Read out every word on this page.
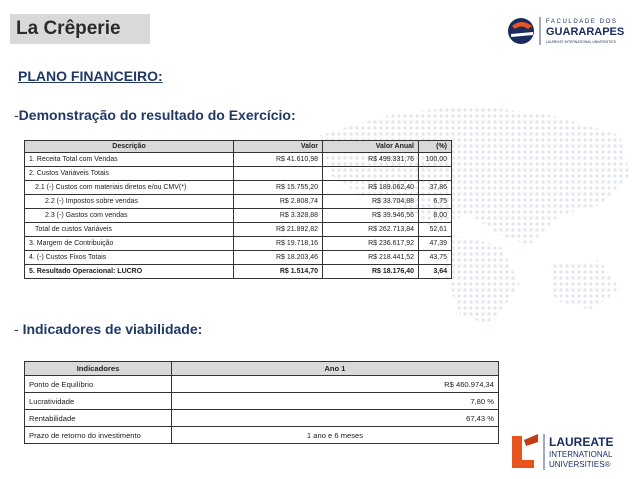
La Crêperie	FACULDADE DOS
GUARARAPES
LAUREATE INTERNATIONAL UNIVERSITIES
PLANO FINANCEIRO:
-Demonstração do resultado do Exercício:
Descrição	Valor	Valor Anual	(%)
1. Receita Total com Vendas	R$ 41.610,98	R$ 499.331,76	100,00
2. Custos Variáveis Totais			
2.1 (-) Custos com materiais diretos e/ou CMV(*)	R$ 15.755,20	R$ 189.062,40	37,86
2.2 (-) Impostos sobre vendas	R$ 2.808,74	R$ 33.704,88	6,75
2.3 (-) Gastos com vendas	R$ 3.328,88	R$ 39.946,56	8,00
Total de custos Variáveis	R$ 21.892,82	R$ 262.713,84	52,61
3. Margem de Contribuição	R$ 19.718,16	R$ 236.617,92	47,39
4. (-) Custos Fixos Totais	R$ 18.203,46	R$ 218.441,52	43,75
5. Resultado Operacional: LUCRO	R$ 1.514,70	R$ 18.176,40	3,64
- Indicadores de viabilidade:
Indicadores	Ano 1
Ponto de Equilíbrio	R$ 460.974,34
Lucratividade	7,80 %
Rentabilidade	67,43 %
Prazo de retorno do investimento	1 ano e 6 meses	LAUREATE
INTERNATIONAL
UNIVERSITIES®
